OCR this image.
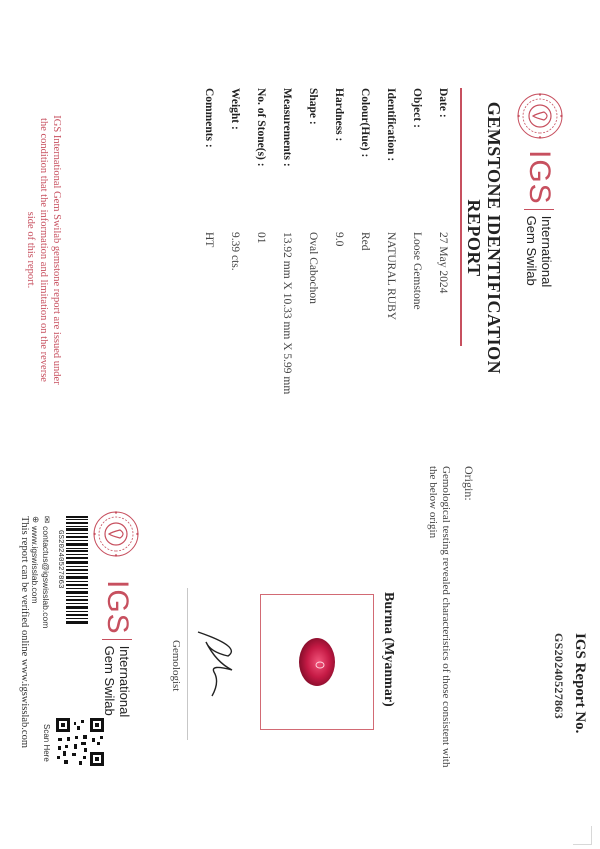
IGS
International
Gem Swilab
GEMSTONE IDENTIFICATION
REPORT
Date :
27 May 2024
Object :
Loose Gemstone
Identification :
NATURAL RUBY
Colour(Hue) :
Red
Hardness :
9.0
Shape :
Oval Cabochon
Measurements :
13.92 mm X 10.33 mm X 5.99 mm
No. of Stone(s) :
01
Weight :
9.39 cts.
Comments :
HT
IGS International Gem Swilab gemstone report are issued under
the condition that the information and limitation on the reverse
side of this report.
IGS Report No.
GS20240527863
Origin:
Gemological testing revealed characteristics of those consistent with
the below origin
Burma (Myanmar)
Gemologist
IGS
International
Gem Swilab
GS20240527863
✉
contactus@igswisslab.com
⊕
www.igswisslab.com
This report can be verified online www.igswisslab.com Scan Here
